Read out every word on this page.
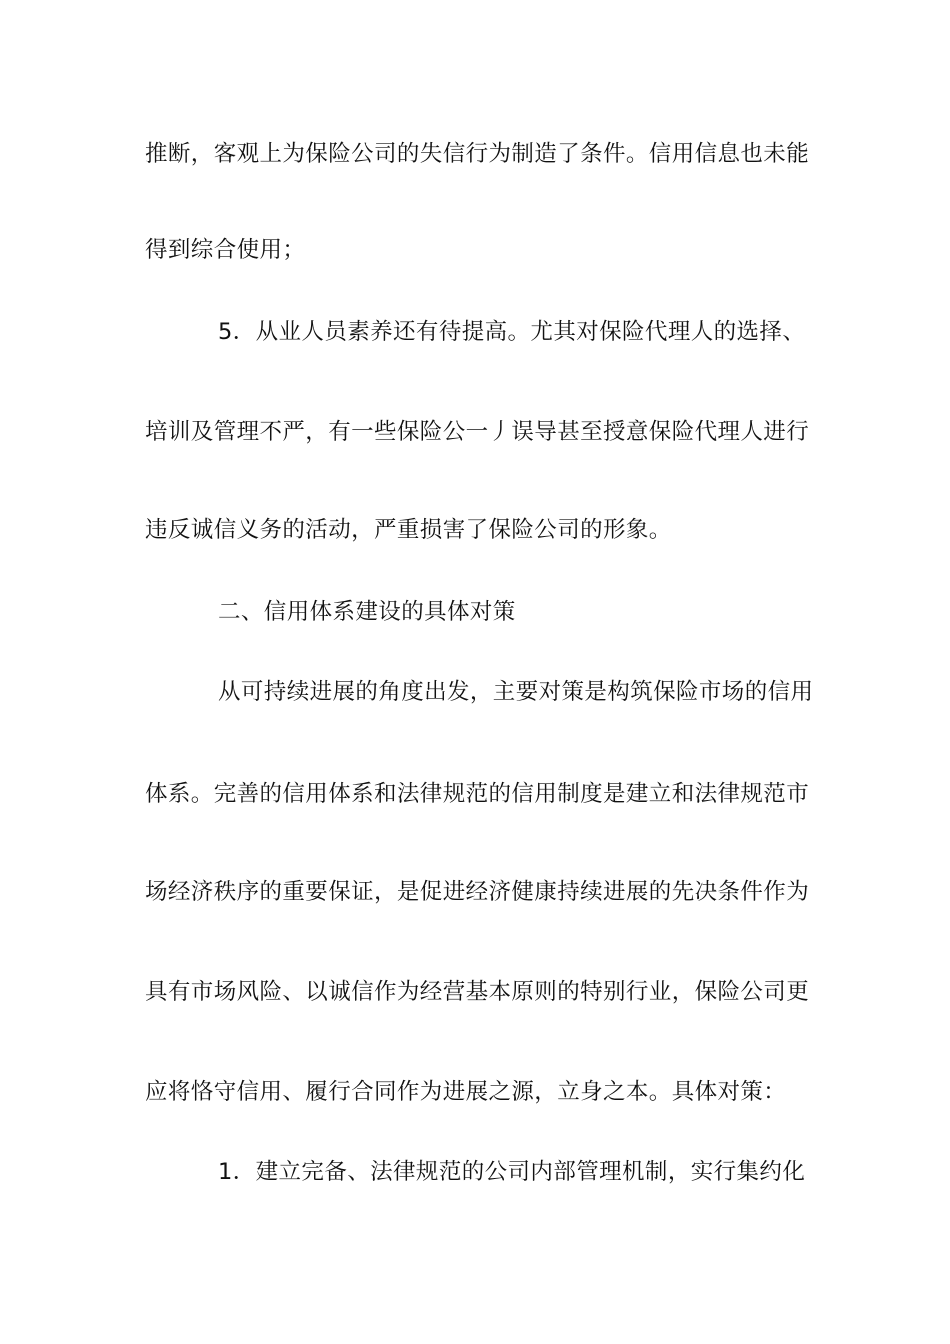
推断，客观上为保险公司的失信行为制造了条件。信用信息也未能
得到综合使用；
5．从业人员素养还有待提高。尤其对保险代理人的选择、
培训及管理不严，有一些保险公一丿误导甚至授意保险代理人进行
违反诚信义务的活动，严重损害了保险公司的形象。
二、信用体系建设的具体对策
从可持续进展的角度出发，主要对策是构筑保险市场的信用
体系。完善的信用体系和法律规范的信用制度是建立和法律规范市
场经济秩序的重要保证，是促进经济健康持续进展的先决条件作为
具有市场风险、以诚信作为经营基本原则的特别行业，保险公司更
应将恪守信用、履行合同作为进展之源，立身之本。具体对策：
1．建立完备、法律规范的公司内部管理机制，实行集约化
